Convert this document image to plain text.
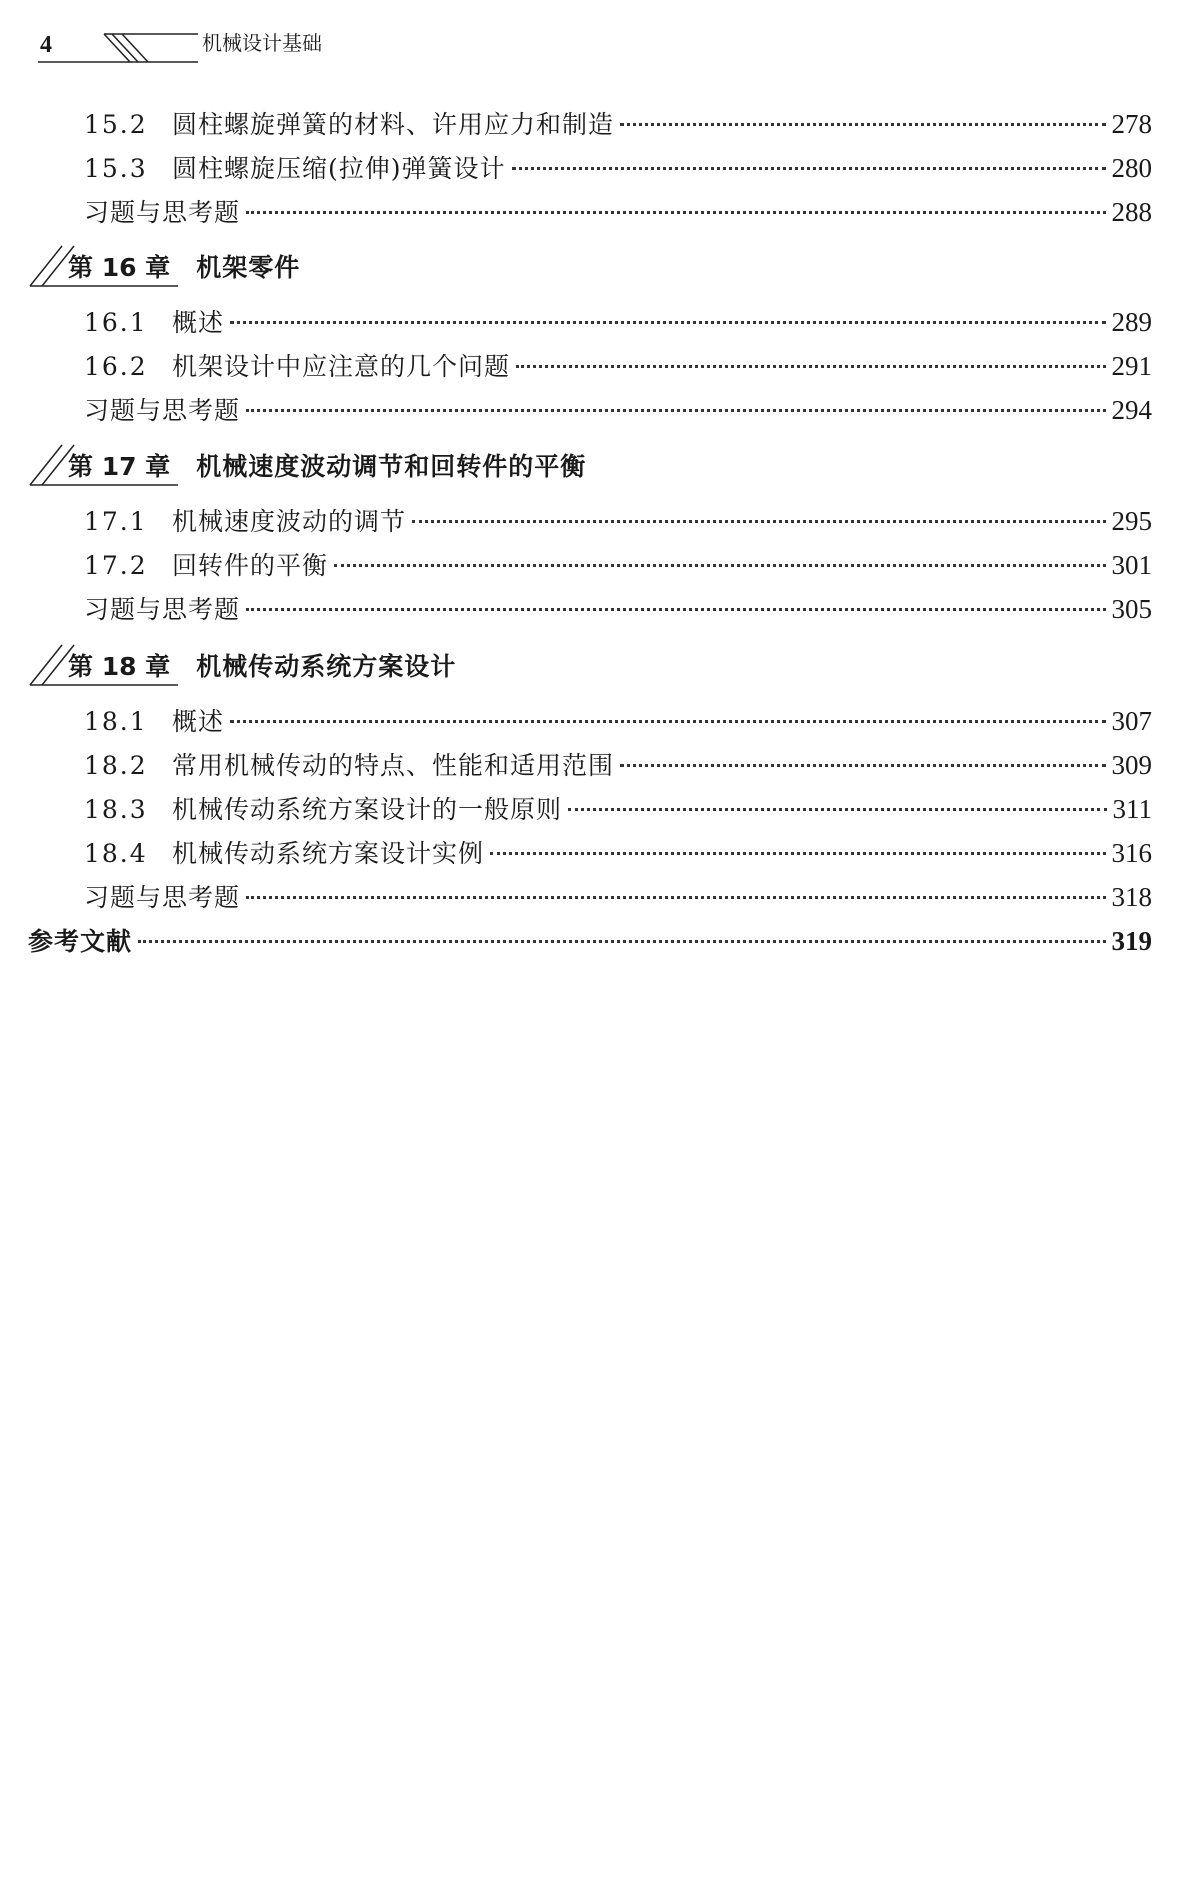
4	机械设计基础
15.2 圆柱螺旋弹簧的材料、许用应力和制造	278
15.3 圆柱螺旋压缩(拉伸)弹簧设计	280
习题与思考题	288
第 16 章 机架零件
16.1 概述	289
16.2 机架设计中应注意的几个问题	291
习题与思考题	294
第 17 章 机械速度波动调节和回转件的平衡
17.1 机械速度波动的调节	295
17.2 回转件的平衡	301
习题与思考题	305
第 18 章 机械传动系统方案设计
18.1 概述	307
18.2 常用机械传动的特点、性能和适用范围	309
18.3 机械传动系统方案设计的一般原则	311
18.4 机械传动系统方案设计实例	316
习题与思考题	318
参考文献	319
